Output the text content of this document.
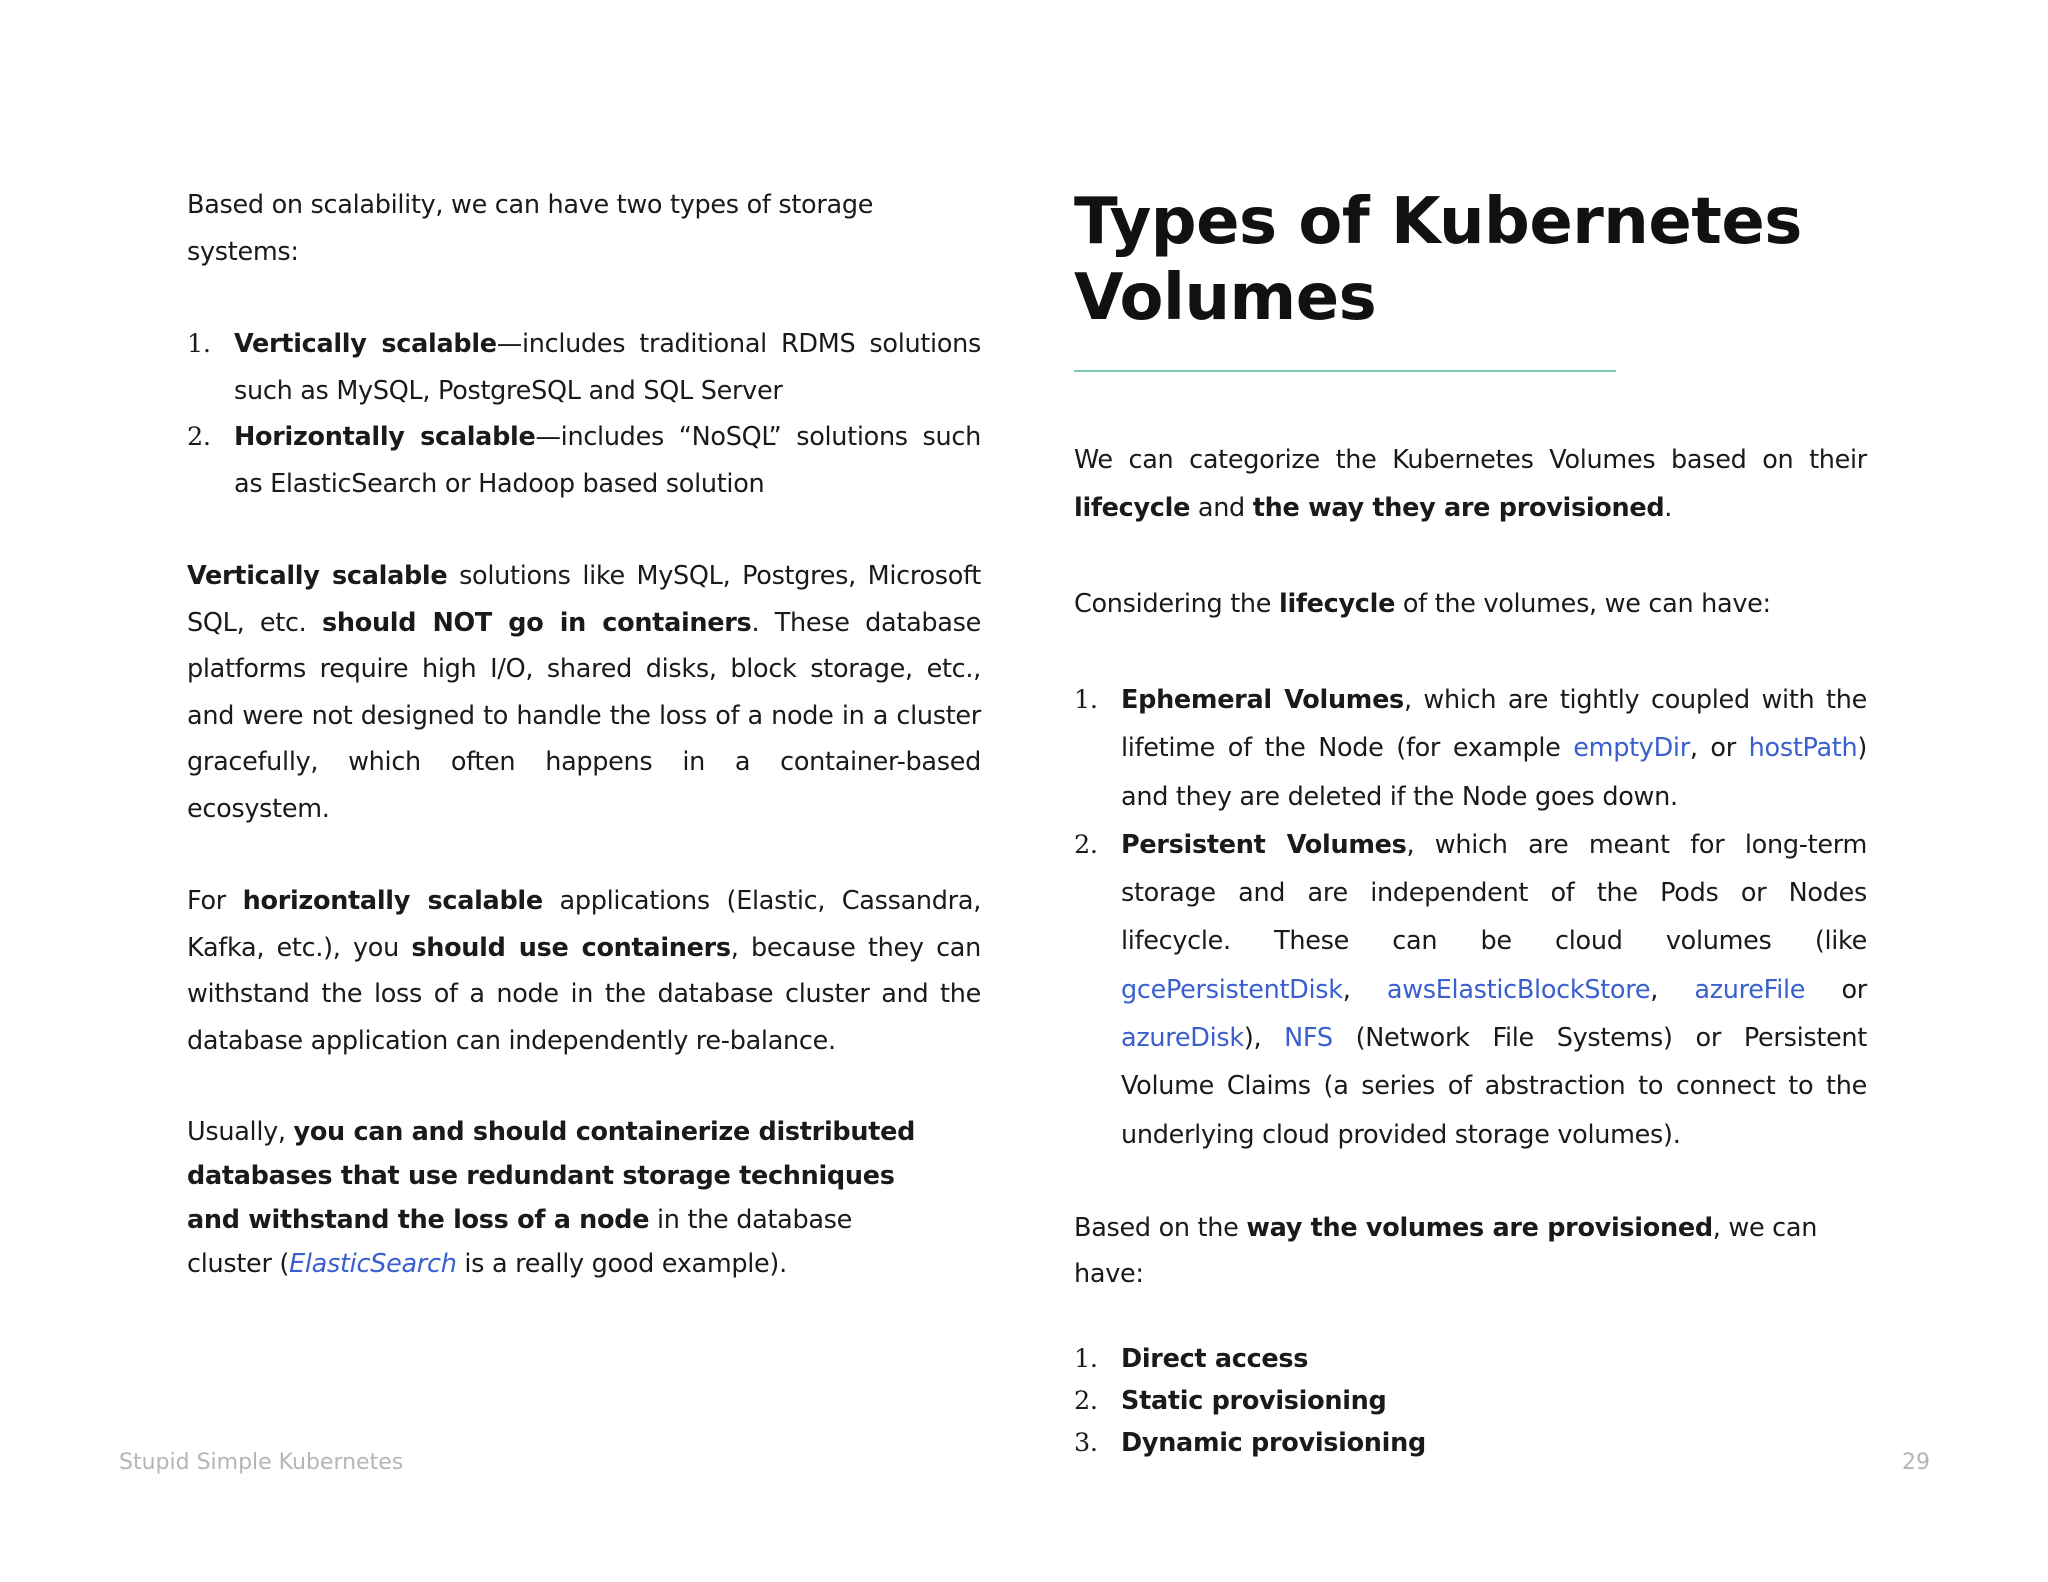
Based on scalability, we can have two types of storage systems:

1. Vertically scalable—includes traditional RDMS solutions such as MySQL, PostgreSQL and SQL Server
2. Horizontally scalable—includes “NoSQL” solutions such as ElasticSearch or Hadoop based solution

Vertically scalable solutions like MySQL, Postgres, Microsoft SQL, etc. should NOT go in containers. These database platforms require high I/O, shared disks, block storage, etc., and were not designed to handle the loss of a node in a cluster gracefully, which often happens in a container-based ecosystem.

For horizontally scalable applications (Elastic, Cassandra, Kafka, etc.), you should use containers, because they can withstand the loss of a node in the database cluster and the database application can independently re-balance.

Usually, you can and should containerize distributed databases that use redundant storage techniques and withstand the loss of a node in the database cluster (ElasticSearch is a really good example).

Types of Kubernetes
Volumes

We can categorize the Kubernetes Volumes based on their lifecycle and the way they are provisioned.

Considering the lifecycle of the volumes, we can have:

1. Ephemeral Volumes, which are tightly coupled with the lifetime of the Node (for example emptyDir, or hostPath) and they are deleted if the Node goes down.
2. Persistent Volumes, which are meant for long-term storage and are independent of the Pods or Nodes lifecycle. These can be cloud volumes (like gcePersistentDisk, awsElasticBlockStore, azureFile or azureDisk), NFS (Network File Systems) or Persistent Volume Claims (a series of abstraction to connect to the underlying cloud provided storage volumes).

Based on the way the volumes are provisioned, we can have:

1. Direct access
2. Static provisioning
3. Dynamic provisioning
Stupid Simple Kubernetes	29
